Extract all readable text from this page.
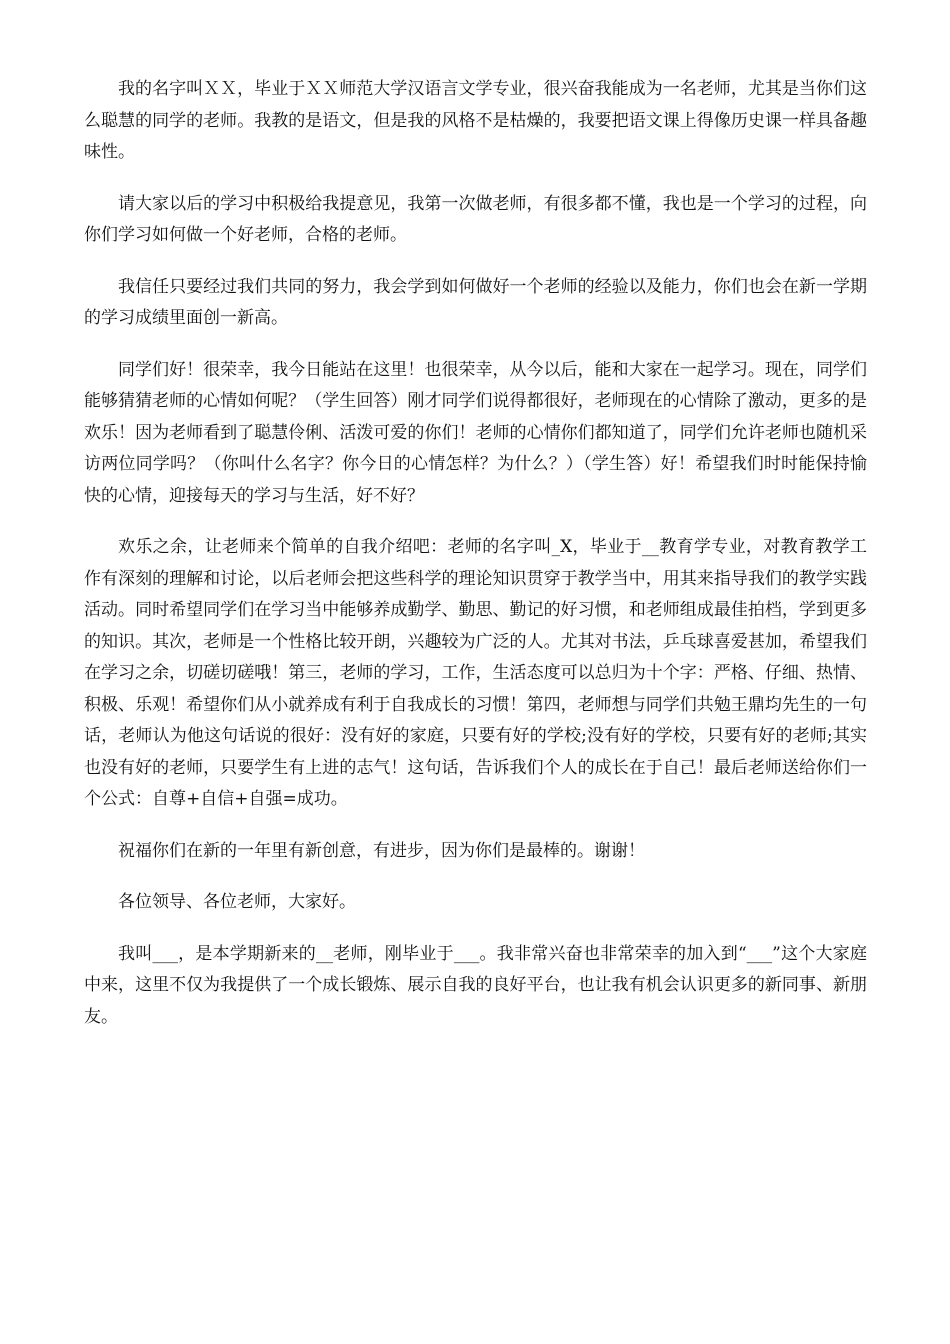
我的名字叫ＸＸ，毕业于ＸＸ师范大学汉语言文学专业，很兴奋我能成为一名老师，尤其是当你们这么聪慧的同学的老师。我教的是语文，但是我的风格不是枯燥的，我要把语文课上得像历史课一样具备趣味性。

请大家以后的学习中积极给我提意见，我第一次做老师，有很多都不懂，我也是一个学习的过程，向你们学习如何做一个好老师，合格的老师。

我信任只要经过我们共同的努力，我会学到如何做好一个老师的经验以及能力，你们也会在新一学期的学习成绩里面创一新高。

同学们好！很荣幸，我今日能站在这里！也很荣幸，从今以后，能和大家在一起学习。现在，同学们能够猜猜老师的心情如何呢？（学生回答）刚才同学们说得都很好，老师现在的心情除了激动，更多的是欢乐！因为老师看到了聪慧伶俐、活泼可爱的你们！老师的心情你们都知道了，同学们允许老师也随机采访两位同学吗？（你叫什么名字？你今日的心情怎样？为什么？）（学生答）好！希望我们时时能保持愉快的心情，迎接每天的学习与生活，好不好？

欢乐之余，让老师来个简单的自我介绍吧：老师的名字叫_X，毕业于__教育学专业，对教育教学工作有深刻的理解和讨论，以后老师会把这些科学的理论知识贯穿于教学当中，用其来指导我们的教学实践活动。同时希望同学们在学习当中能够养成勤学、勤思、勤记的好习惯，和老师组成最佳拍档，学到更多的知识。其次，老师是一个性格比较开朗，兴趣较为广泛的人。尤其对书法，乒乓球喜爱甚加，希望我们在学习之余，切磋切磋哦！第三，老师的学习，工作，生活态度可以总归为十个字：严格、仔细、热情、积极、乐观！希望你们从小就养成有利于自我成长的习惯！第四，老师想与同学们共勉王鼎均先生的一句话，老师认为他这句话说的很好：没有好的家庭，只要有好的学校;没有好的学校，只要有好的老师;其实也没有好的老师，只要学生有上进的志气！这句话，告诉我们个人的成长在于自己！最后老师送给你们一个公式：自尊+自信+自强=成功。

祝福你们在新的一年里有新创意，有进步，因为你们是最棒的。谢谢！

各位领导、各位老师，大家好。

我叫___，是本学期新来的__老师，刚毕业于___。我非常兴奋也非常荣幸的加入到“___”这个大家庭中来，这里不仅为我提供了一个成长锻炼、展示自我的良好平台，也让我有机会认识更多的新同事、新朋友。
